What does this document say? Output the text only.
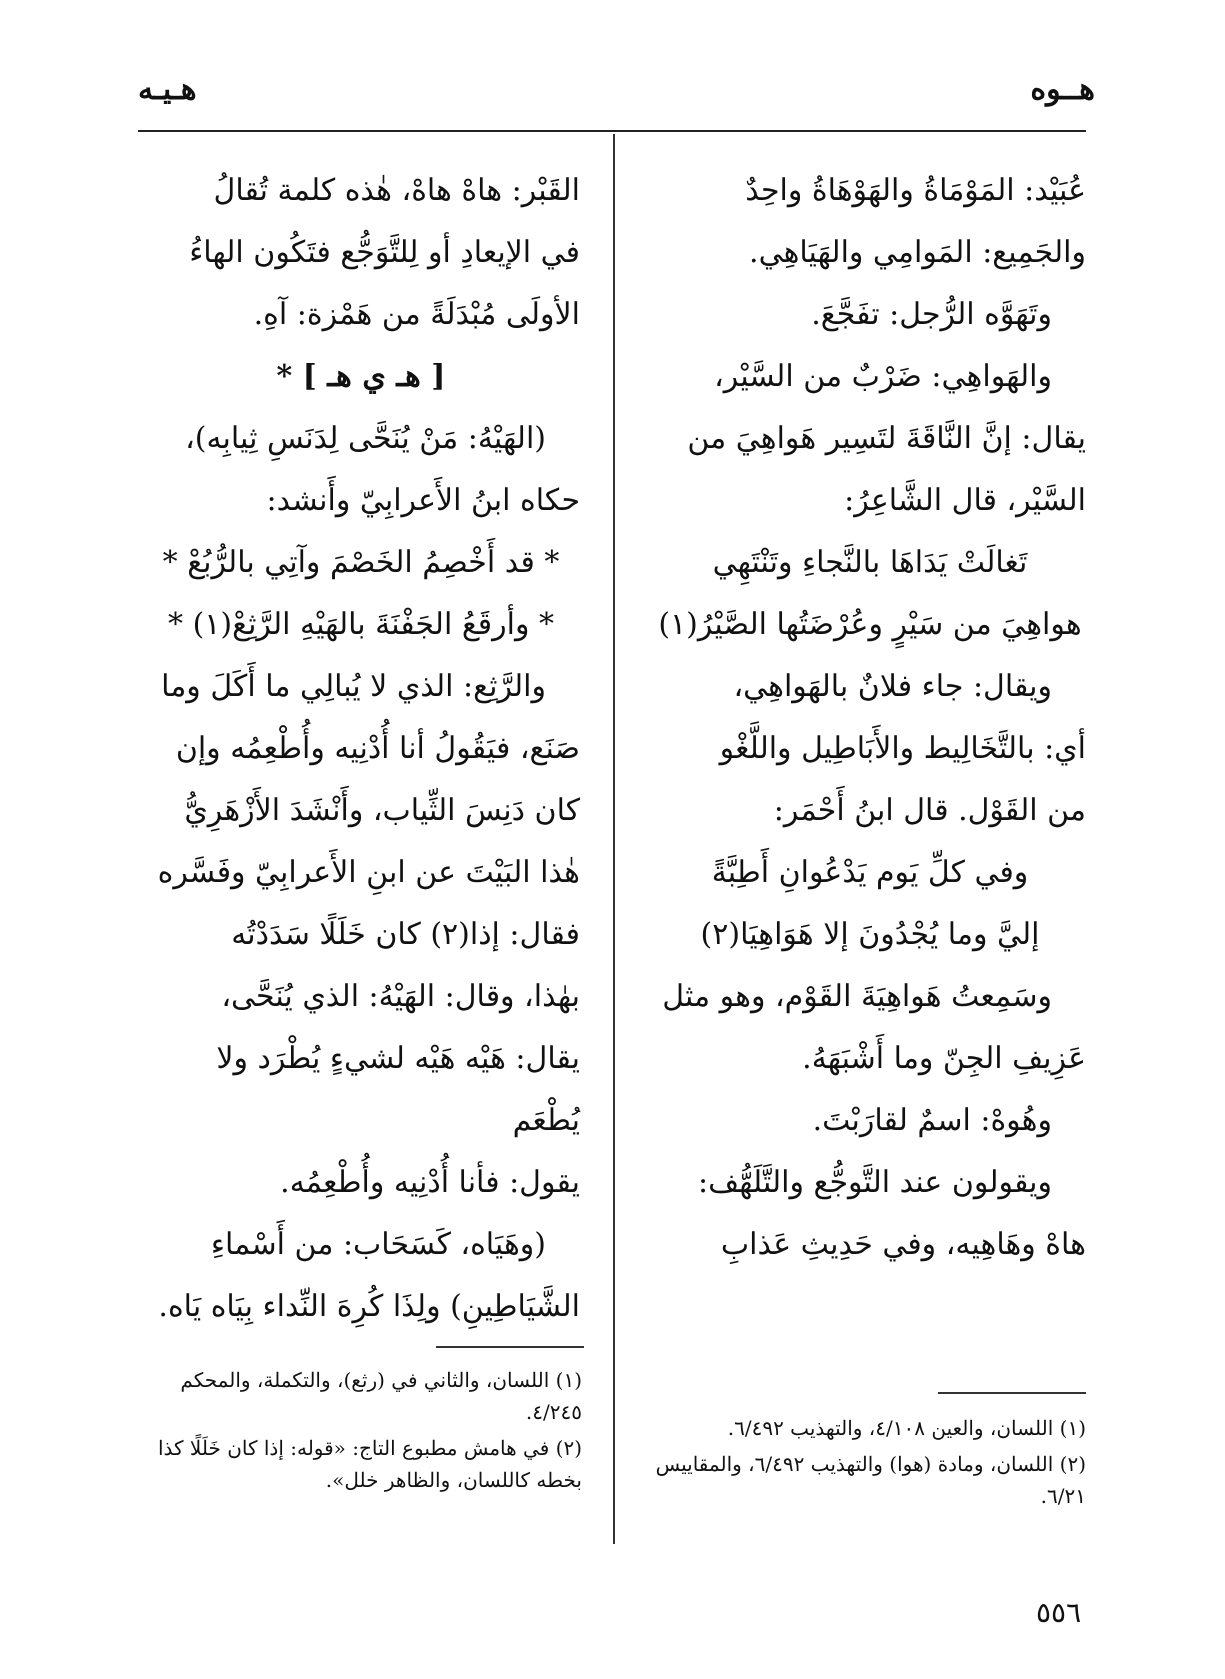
هــوه
هـيـه

عُبَيْد: المَوْمَاةُ والهَوْهَاةُ واحِدٌ

والجَمِيع: المَوامِي والهَيَاهِي.

وتَهَوَّه الرُّجل: تفَجَّعَ.

والهَواهِي: ضَرْبٌ من السَّيْر،

يقال: إنَّ النَّاقَةَ لتَسِير هَواهِيَ من

السَّيْر، قال الشَّاعِرُ:

تَغالَتْ يَدَاهَا بالنَّجاءِ وتَنْتَهِي

هواهِيَ من سَيْرٍ وعُرْضَتُها الصَّيْرُ(١)

ويقال: جاء فلانٌ بالهَواهِي،

أي: بالتَّخَالِيط والأَبَاطِيل واللَّغْو

من القَوْل. قال ابنُ أَحْمَر:

وفي كلِّ يَوم يَدْعُوانِ أَطِبَّةً

إليَّ وما يُجْدُونَ إلا هَوَاهِيَا(٢)

وسَمِعتُ هَواهِيَةَ القَوْم، وهو مثل

عَزِيفِ الجِنّ وما أَشْبَهَهُ.

وهُوهْ: اسمٌ لقارَبْتَ.

ويقولون عند التَّوجُّع والتَّلَهُّف:

هاهْ وهَاهِيه، وفي حَدِيثِ عَذابِ

القَبْر: هاهْ هاهْ، هٰذه كلمة تُقالُ

في الإيعادِ أو لِلتَّوَجُّع فتَكُون الهاءُ

الأولَى مُبْدَلَةً من هَمْزة: آهِ.

[ هـ ي هـ ] *

(الهَيْهُ: مَنْ يُنَحَّى لِدَنَسِ ثِيابِه)،

حكاه ابنُ الأَعرابِيّ وأَنشد:

* قد أَخْصِمُ الخَصْمَ وآتِي بالرُّبُعْ *

* وأرقَعُ الجَفْنَةَ بالهَيْهِ الرَّثِعْ(١) *

والرَّثِع: الذي لا يُبالِي ما أَكَلَ وما

صَنَع، فيَقُولُ أنا أُدْنِيه وأُطْعِمُه وإن

كان دَنِسَ الثِّياب، وأَنْشَدَ الأَزْهَرِيُّ

هٰذا البَيْتَ عن ابنِ الأَعرابِيّ وفَسَّره

فقال: إذا(٢) كان خَلَلًا سَدَدْتُه

بهٰذا، وقال: الهَيْهُ: الذي يُنَحَّى،

يقال: هَيْه هَيْه لشيءٍ يُطْرَد ولا يُطْعَم

يقول: فأنا أُدْنِيه وأُطْعِمُه.

(وهَيَاه، كَسَحَاب: من أَسْماءِ

الشَّيَاطِينِ) ولِذَا كُرِهَ النِّداء بِيَاه يَاه.

(١) اللسان، والعين ٤/١٠٨، والتهذيب ٦/٤٩٢.

(٢) اللسان، ومادة (هوا) والتهذيب ٦/٤٩٢، والمقاييس ٦/٢١.

(١) اللسان، والثاني في (رثع)، والتكملة، والمحكم ٤/٢٤٥.

(٢) في هامش مطبوع التاج: «قوله: إذا كان خَلَلًا كذا بخطه كاللسان، والظاهر خلل».

٥٥٦
